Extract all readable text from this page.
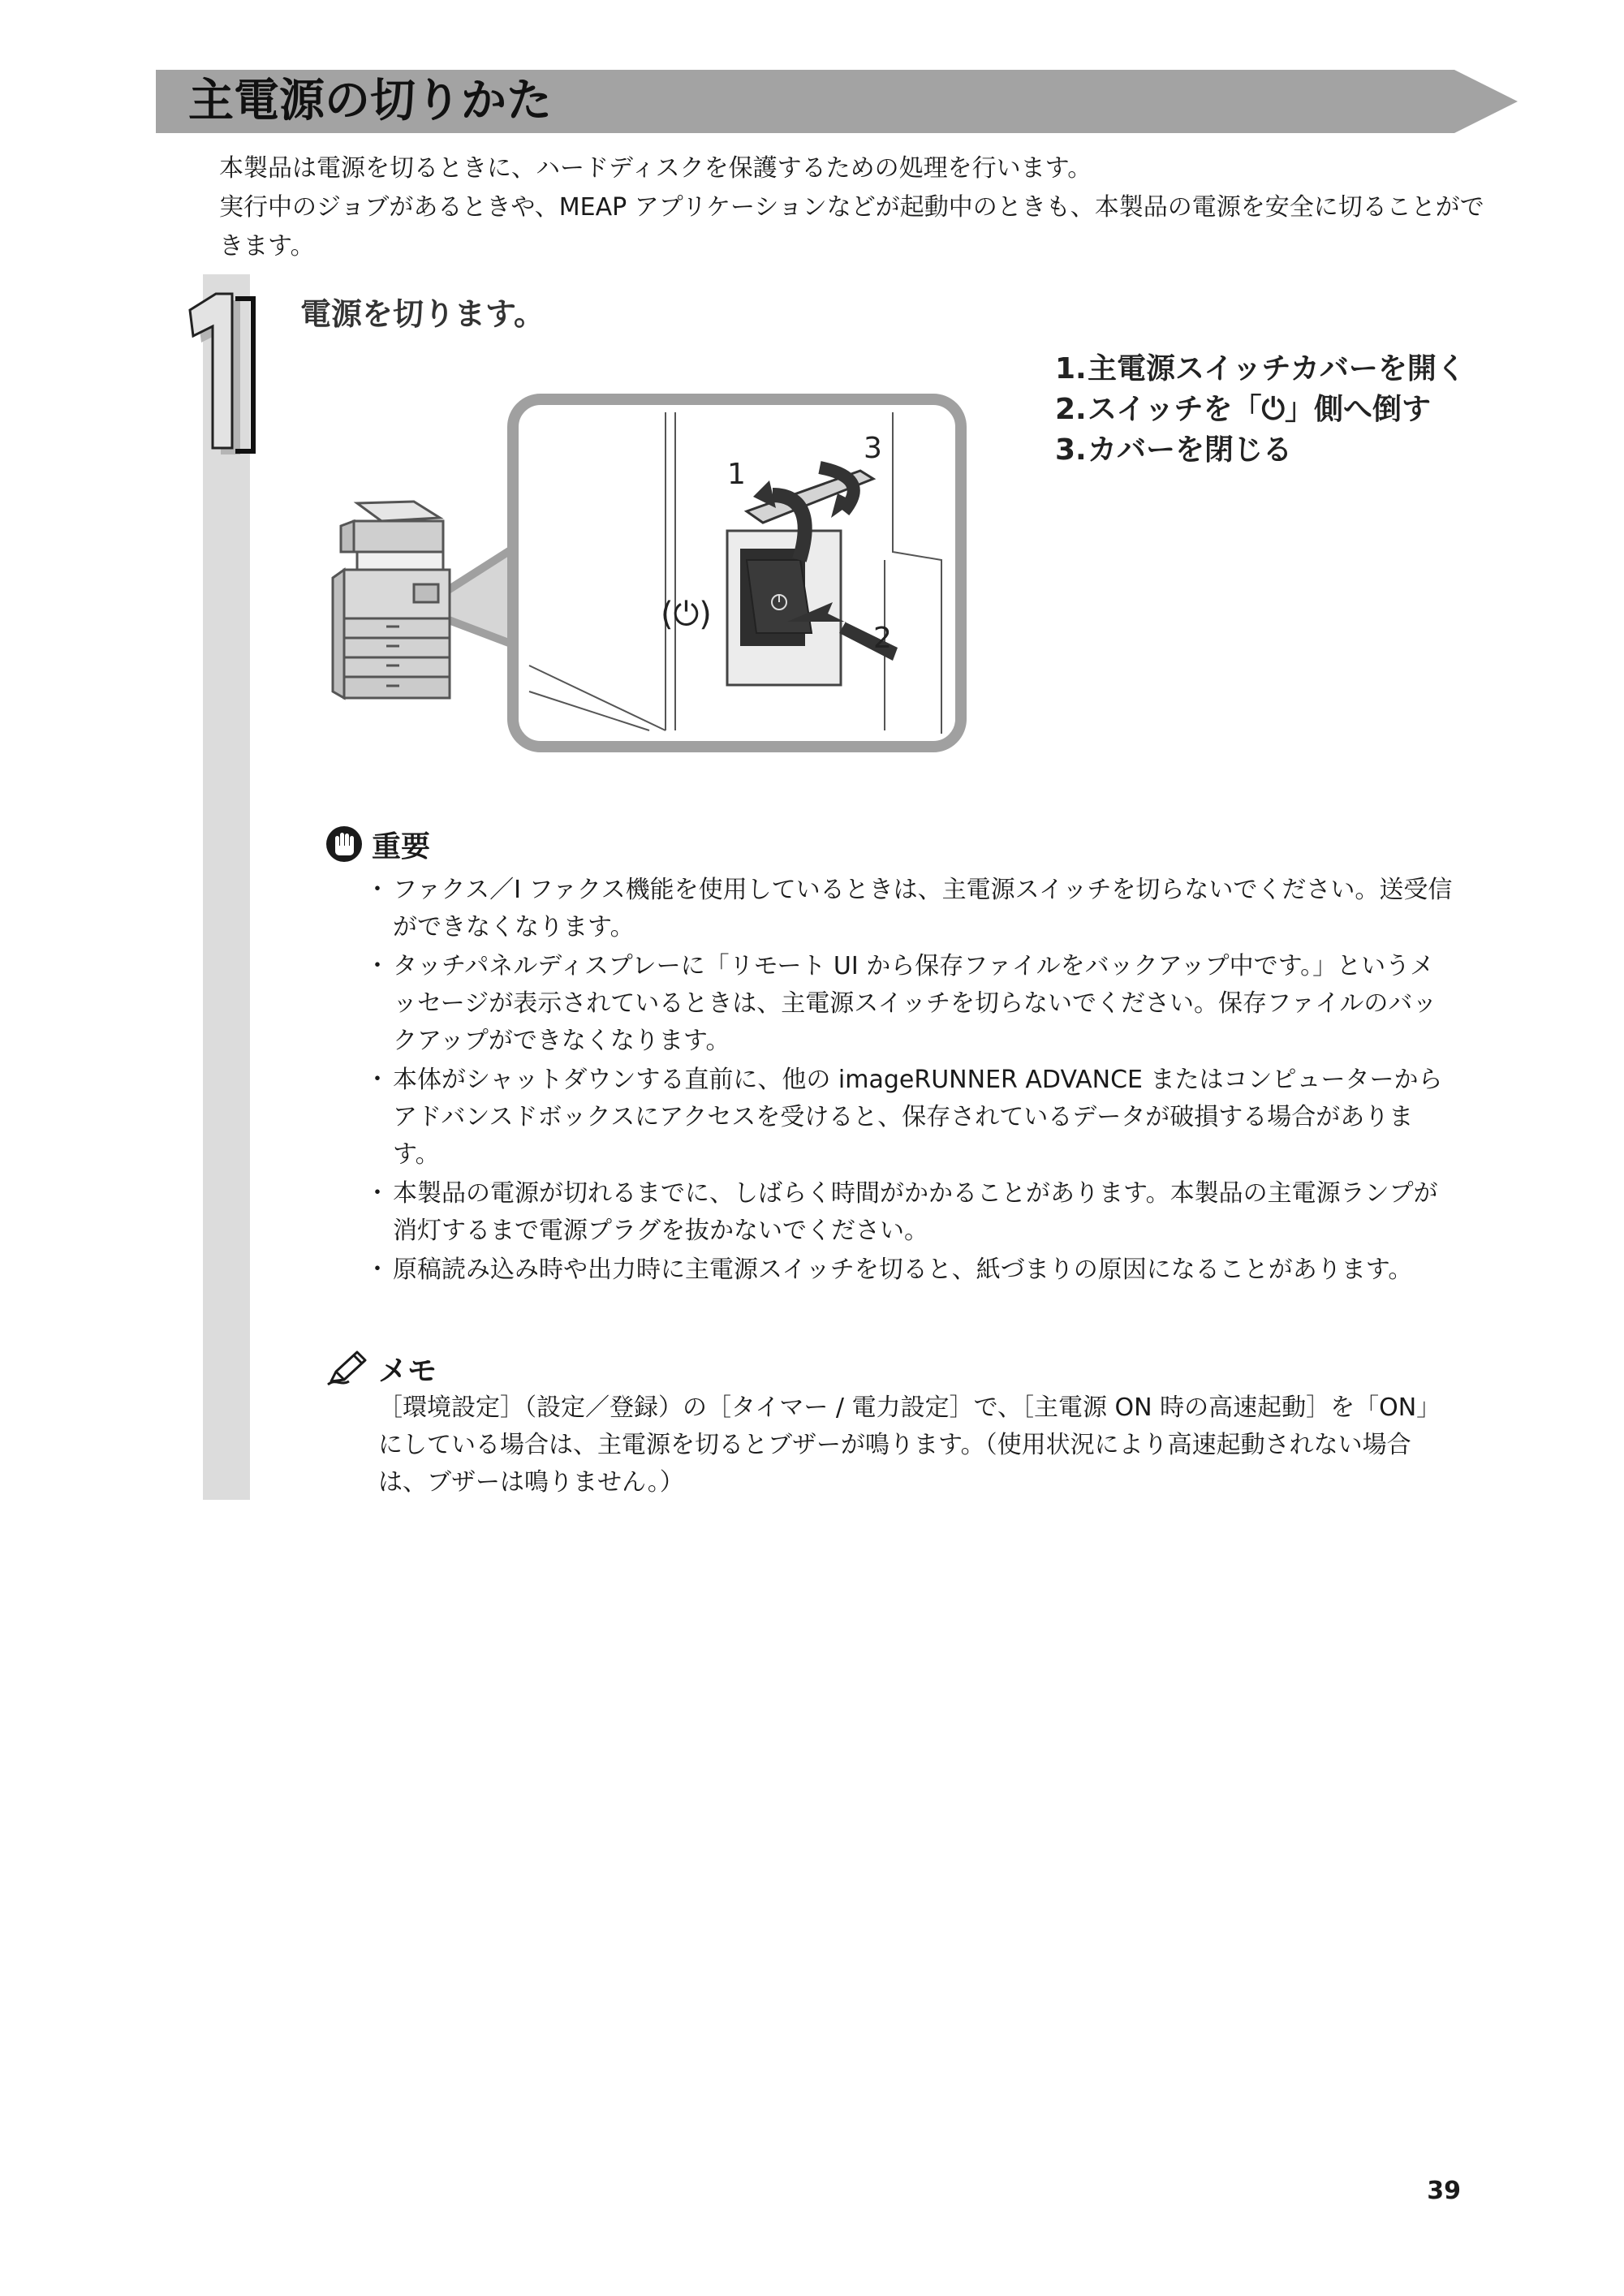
主電源の切りかた

本製品は電源を切るときに、ハードディスクを保護するための処理を行います。

実行中のジョブがあるときや、MEAP アプリケーションなどが起動中のときも、本製品の電源を安全に切ることができます。

電源を切ります。
1. 主電源スイッチカバーを開く
2. スイッチを「⏻」側へ倒す
3. カバーを閉じる
1
2
3
(⏻)
重要
・ ファクス／I ファクス機能を使用しているときは、主電源スイッチを切らないでください。送受信ができなくなります。
・ タッチパネルディスプレーに「リモート UI から保存ファイルをバックアップ中です。」というメッセージが表示されているときは、主電源スイッチを切らないでください。保存ファイルのバックアップができなくなります。
・ 本体がシャットダウンする直前に、他の imageRUNNER ADVANCE またはコンピューターからアドバンスドボックスにアクセスを受けると、保存されているデータが破損する場合があります。
・ 本製品の電源が切れるまでに、しばらく時間がかかることがあります。本製品の主電源ランプが消灯するまで電源プラグを抜かないでください。
・ 原稿読み込み時や出力時に主電源スイッチを切ると、紙づまりの原因になることがあります。
メモ

［環境設定］（設定／登録）の［タイマー / 電力設定］で、［主電源 ON 時の高速起動］を「ON」にしている場合は、主電源を切るとブザーが鳴ります。（使用状況により高速起動されない場合は、ブザーは鳴りません。）

39
